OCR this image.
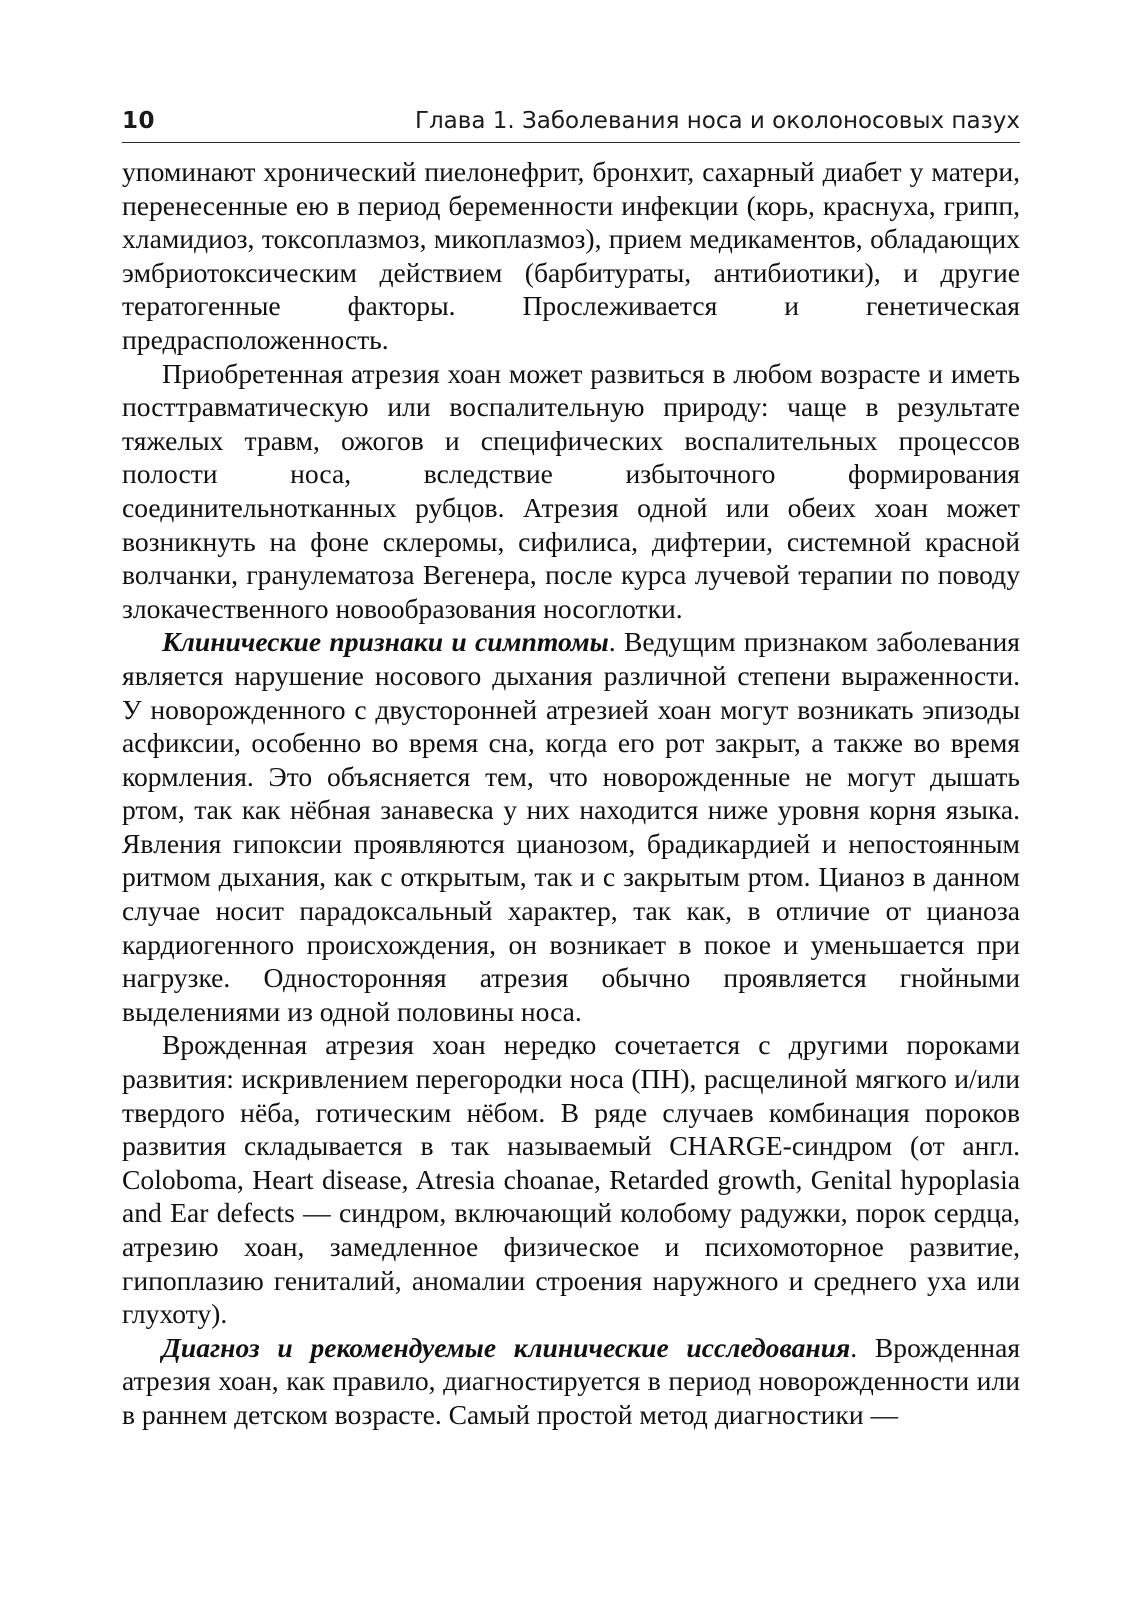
10	Глава 1. Заболевания носа и околоносовых пазух

упоминают хронический пиелонефрит, бронхит, сахарный диабет у матери, перенесенные ею в период беременности инфекции (корь, краснуха, грипп, хламидиоз, токсоплазмоз, микоплазмоз), прием медикаментов, обладающих эмбриотоксическим действием (барбитураты, антибиотики), и другие тератогенные факторы. Прослеживается и генетическая предрасположенность.

Приобретенная атрезия хоан может развиться в любом возрасте и иметь посттравматическую или воспалительную природу: чаще в результате тяжелых травм, ожогов и специфических воспалительных процессов полости носа, вследствие избыточного формирования соединительнотканных рубцов. Атрезия одной или обеих хоан может возникнуть на фоне склеромы, сифилиса, дифтерии, системной красной волчанки, гранулематоза Вегенера, после курса лучевой терапии по поводу злокачественного новообразования носоглотки.

Клинические признаки и симптомы. Ведущим признаком заболевания является нарушение носового дыхания различной степени выраженности. У новорожденного с двусторонней атрезией хоан могут возникать эпизоды асфиксии, особенно во время сна, когда его рот закрыт, а также во время кормления. Это объясняется тем, что новорожденные не могут дышать ртом, так как нёбная занавеска у них находится ниже уровня корня языка. Явления гипоксии проявляются цианозом, брадикардией и непостоянным ритмом дыхания, как с открытым, так и с закрытым ртом. Цианоз в данном случае носит парадоксальный характер, так как, в отличие от цианоза кардиогенного происхождения, он возникает в покое и уменьшается при нагрузке. Односторонняя атрезия обычно проявляется гнойными выделениями из одной половины носа.

Врожденная атрезия хоан нередко сочетается с другими пороками развития: искривлением перегородки носа (ПН), расщелиной мягкого и/или твердого нёба, готическим нёбом. В ряде случаев комбинация пороков развития складывается в так называемый CHARGE-синдром (от англ. Coloboma, Heart disease, Atresia choanae, Retarded growth, Genital hypoplasia and Ear defects — синдром, включающий колобому радужки, порок сердца, атрезию хоан, замедленное физическое и психомоторное развитие, гипоплазию гениталий, аномалии строения наружного и среднего уха или глухоту).

Диагноз и рекомендуемые клинические исследования. Врожденная атрезия хоан, как правило, диагностируется в период новорожденности или в раннем детском возрасте. Самый простой метод диагностики —
